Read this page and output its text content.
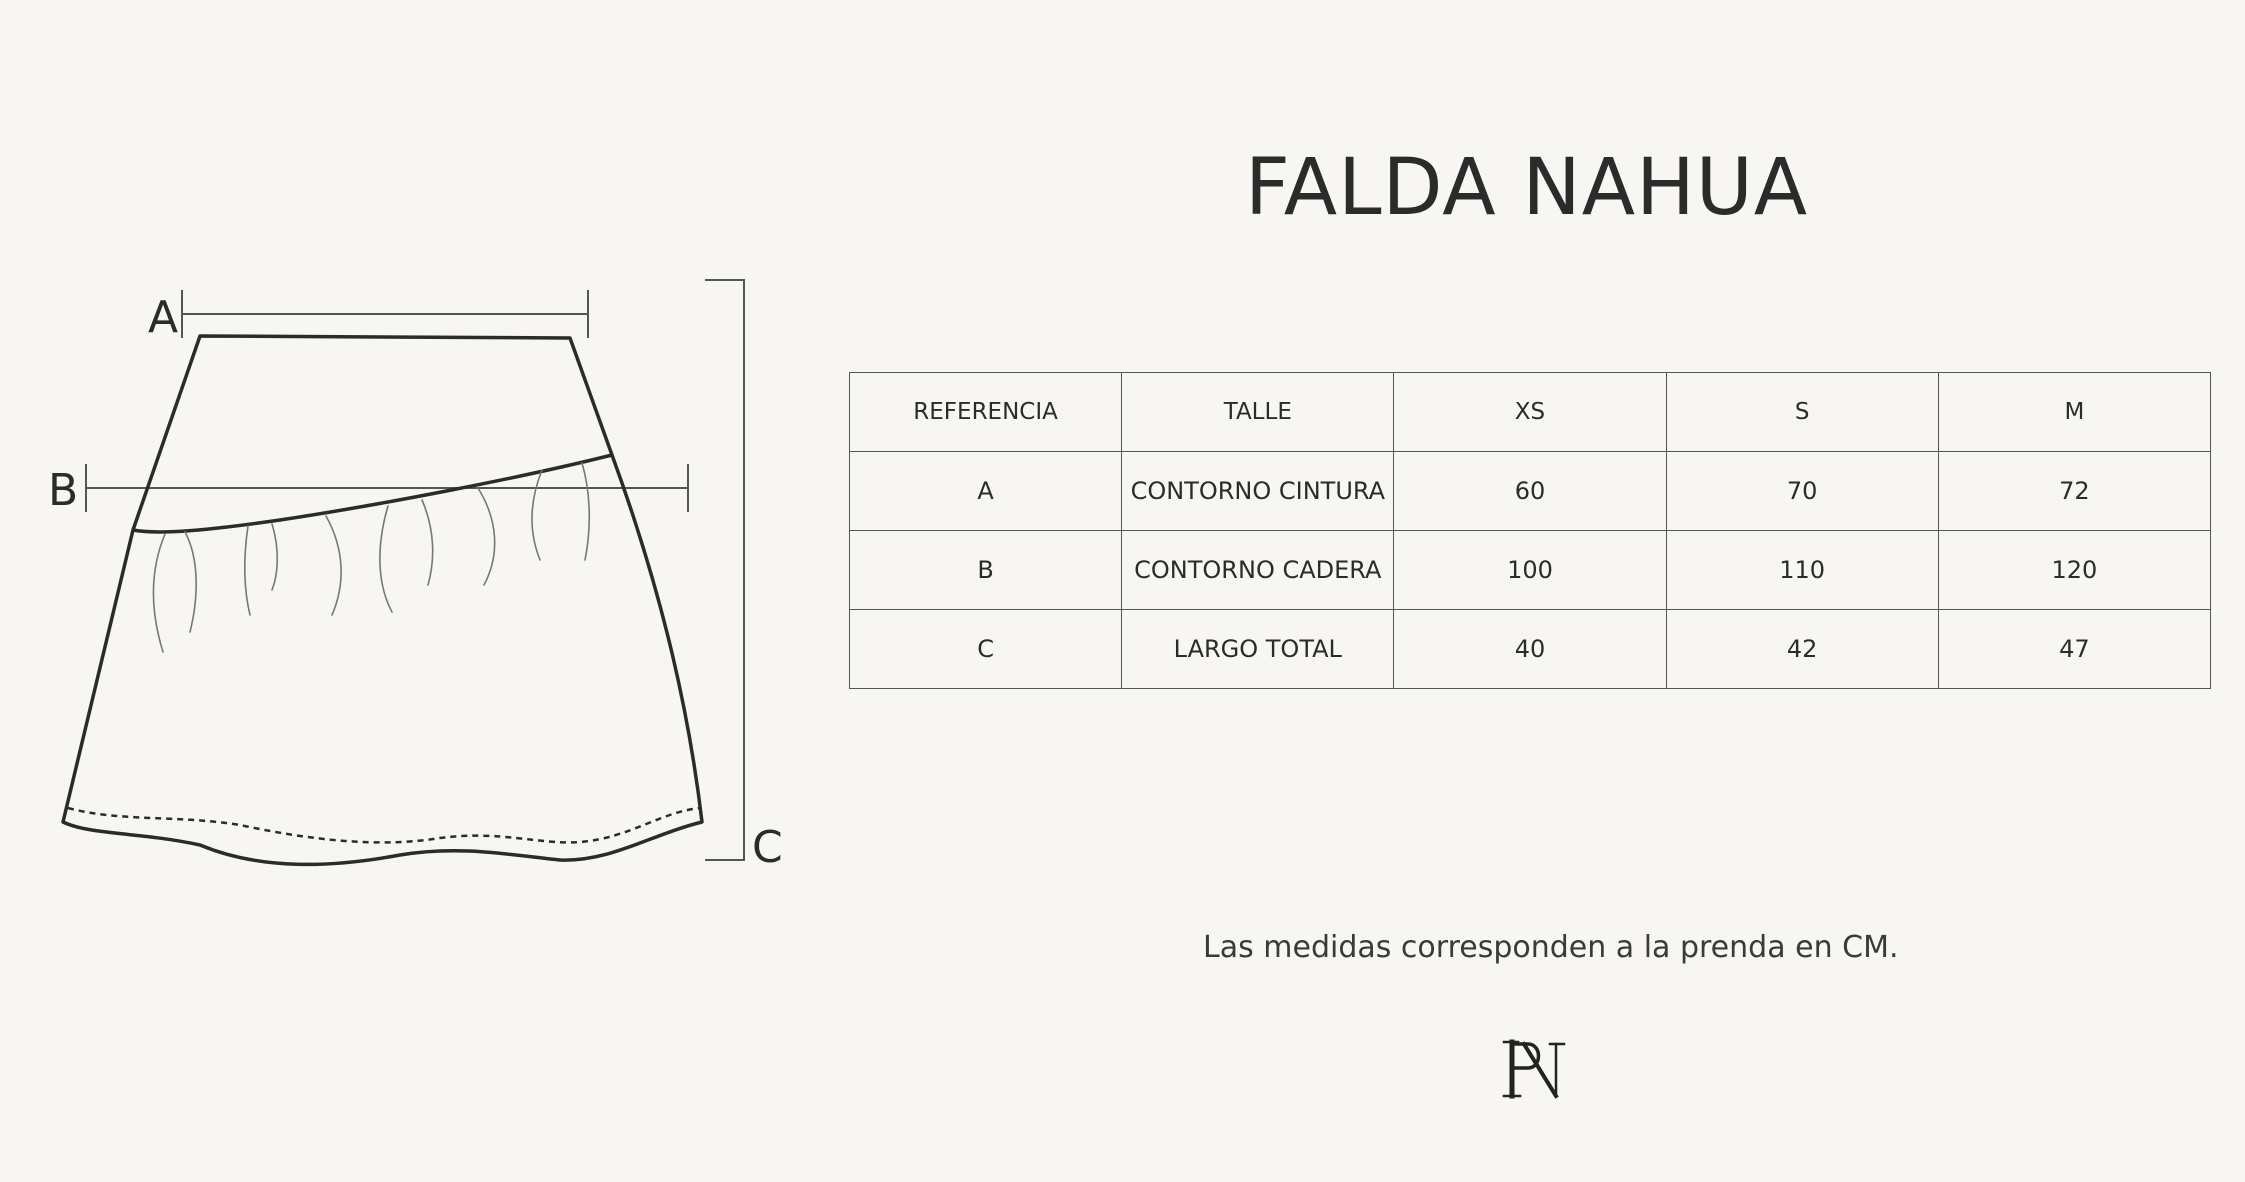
A
B
C
FALDA NAHUA
REFERENCIA	TALLE	XS	S	M
A	CONTORNO CINTURA	60	70	72
B	CONTORNO CADERA	100	110	120
C	LARGO TOTAL	40	42	47

Las medidas corresponden a la prenda en CM.
